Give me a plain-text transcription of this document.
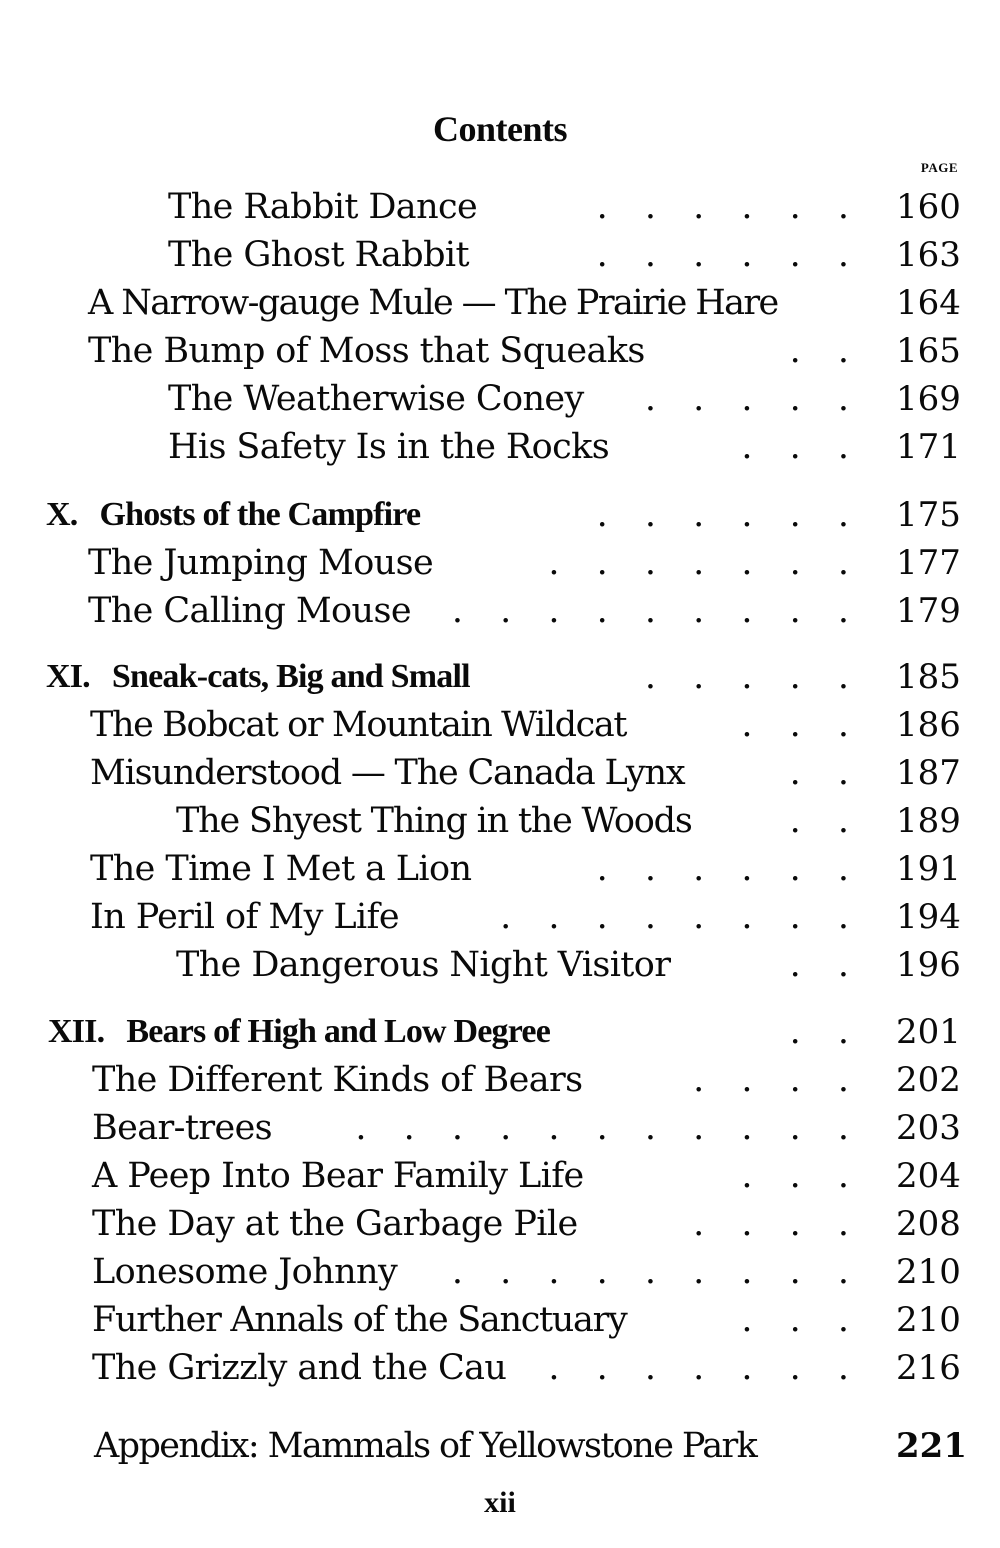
Contents
PAGE
The Rabbit Dance	. . . . . . 160
The Ghost Rabbit	. . . . . . 163
A Narrow-gauge Mule — The Prairie Hare	164
The Bump of Moss that Squeaks	. . 165
The Weatherwise Coney . . . . . 169
His Safety Is in the Rocks	. . . 171
X. Ghosts of the Campfire	. . . . . . 175
The Jumping Mouse	. . . . . . . 177
The Calling Mouse . . . . . . . . . 179
XI. Sneak-cats, Big and Small	. . . . . 185
The Bobcat or Mountain Wildcat	. . . 186
Misunderstood — The Canada Lynx	. . 187
The Shyest Thing in the Woods	. . 189
The Time I Met a Lion	. . . . . . 191
In Peril of My Life	. . . . . . . . 194
The Dangerous Night Visitor	. . 196
XII. Bears of High and Low Degree	. . 201
The Different Kinds of Bears	. . . . 202
Bear-trees . . . . . . . . . . . 203
A Peep Into Bear Family Life	. . . 204
The Day at the Garbage Pile	. . . . 208
Lonesome Johnny . . . . . . . . . 210
Further Annals of the Sanctuary	. . . 210
The Grizzly and the Cau . . . . . . . 216
Appendix: Mammals of Yellowstone Park	221
xii
